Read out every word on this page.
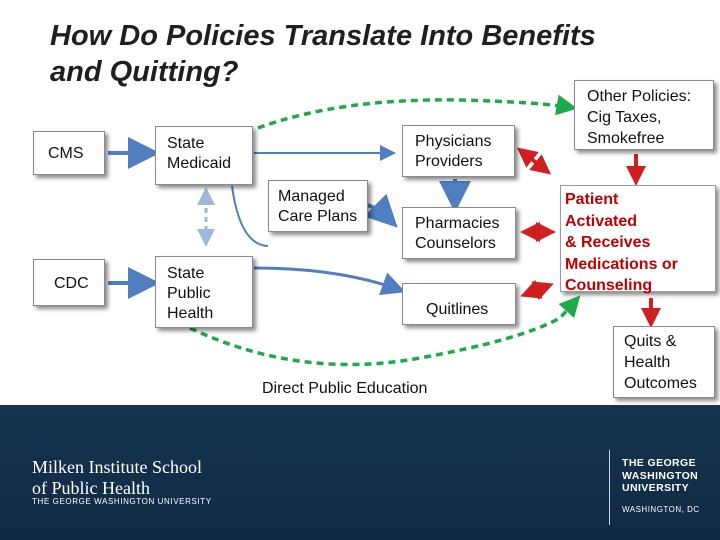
How Do Policies Translate Into Benefits
and Quitting?
CMS
CDC
State
Medicaid
State
Public
Health
Physicians
Providers
Managed
Care Plans	Pharmacies
Counselors
Quitlines
Other Policies:
Cig Taxes,
Smokefree
Patient
Activated
& Receives
Medications or
Counseling
Quits &
Health
Outcomes
Direct Public Education
Milken Institute School
of Public Health
THE GEORGE WASHINGTON UNIVERSITY
THE GEORGE
WASHINGTON
UNIVERSITY
WASHINGTON, DC
